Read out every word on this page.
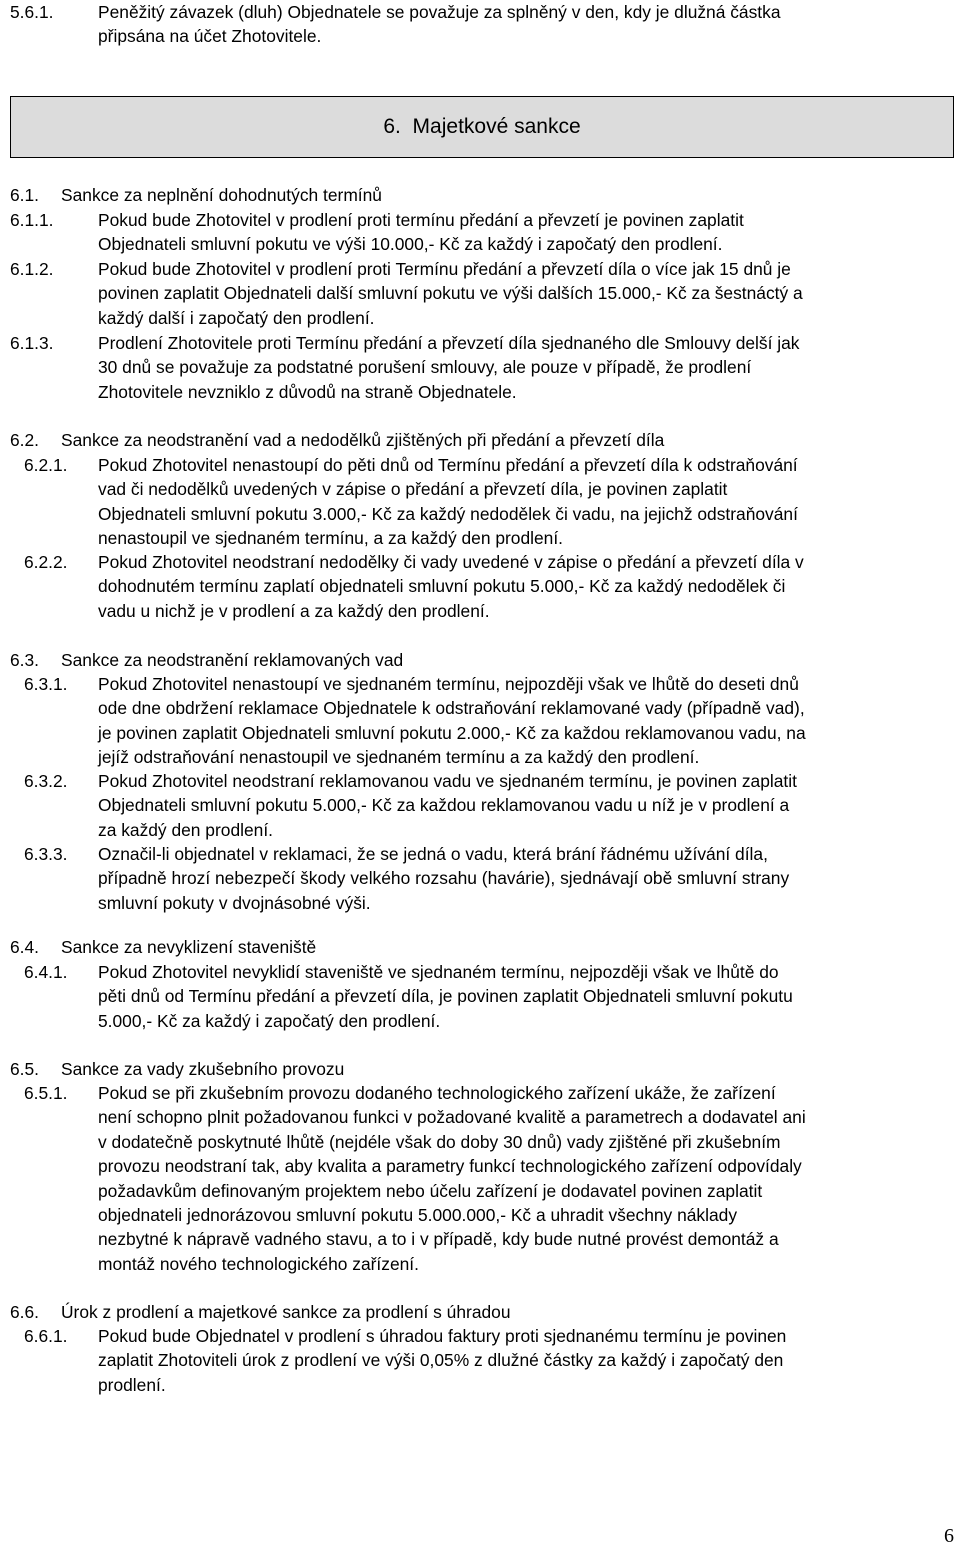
5.6.1.	Peněžitý závazek (dluh) Objednatele se považuje za splněný v den, kdy je dlužná částka
připsána na účet Zhotovitele.
6. Majetkové sankce
6.1. Sankce za neplnění dohodnutých termínů
6.1.1.	Pokud bude Zhotovitel v prodlení proti termínu předání a převzetí je povinen zaplatit
Objednateli smluvní pokutu ve výši 10.000,- Kč za každý i započatý den prodlení.
6.1.2.	Pokud bude Zhotovitel v prodlení proti Termínu předání a převzetí díla o více jak 15 dnů je
povinen zaplatit Objednateli další smluvní pokutu ve výši dalších 15.000,- Kč za šestnáctý a
každý další i započatý den prodlení.
6.1.3.	Prodlení Zhotovitele proti Termínu předání a převzetí díla sjednaného dle Smlouvy delší jak
30 dnů se považuje za podstatné porušení smlouvy, ale pouze v případě, že prodlení
Zhotovitele nevzniklo z důvodů na straně Objednatele.
6.2. Sankce za neodstranění vad a nedodělků zjištěných při předání a převzetí díla
6.2.1. Pokud Zhotovitel nenastoupí do pěti dnů od Termínu předání a převzetí díla k odstraňování
vad či nedodělků uvedených v zápise o předání a převzetí díla, je povinen zaplatit
Objednateli smluvní pokutu 3.000,- Kč za každý nedodělek či vadu, na jejichž odstraňování
nenastoupil ve sjednaném termínu, a za každý den prodlení.
6.2.2. Pokud Zhotovitel neodstraní nedodělky či vady uvedené v zápise o předání a převzetí díla v
dohodnutém termínu zaplatí objednateli smluvní pokutu 5.000,- Kč za každý nedodělek či
vadu u nichž je v prodlení a za každý den prodlení.
6.3. Sankce za neodstranění reklamovaných vad
6.3.1. Pokud Zhotovitel nenastoupí ve sjednaném termínu, nejpozději však ve lhůtě do deseti dnů
ode dne obdržení reklamace Objednatele k odstraňování reklamované vady (případně vad),
je povinen zaplatit Objednateli smluvní pokutu 2.000,- Kč za každou reklamovanou vadu, na
jejíž odstraňování nenastoupil ve sjednaném termínu a za každý den prodlení.
6.3.2. Pokud Zhotovitel neodstraní reklamovanou vadu ve sjednaném termínu, je povinen zaplatit
Objednateli smluvní pokutu 5.000,- Kč za každou reklamovanou vadu u níž je v prodlení a
za každý den prodlení.
6.3.3. Označil-li objednatel v reklamaci, že se jedná o vadu, která brání řádnému užívání díla,
případně hrozí nebezpečí škody velkého rozsahu (havárie), sjednávají obě smluvní strany
smluvní pokuty v dvojnásobné výši.
6.4. Sankce za nevyklizení staveniště
6.4.1. Pokud Zhotovitel nevyklidí staveniště ve sjednaném termínu, nejpozději však ve lhůtě do
pěti dnů od Termínu předání a převzetí díla, je povinen zaplatit Objednateli smluvní pokutu
5.000,- Kč za každý i započatý den prodlení.
6.5. Sankce za vady zkušebního provozu
6.5.1. Pokud se při zkušebním provozu dodaného technologického zařízení ukáže, že zařízení
není schopno plnit požadovanou funkci v požadované kvalitě a parametrech a dodavatel ani
v dodatečně poskytnuté lhůtě (nejdéle však do doby 30 dnů) vady zjištěné při zkušebním
provozu neodstraní tak, aby kvalita a parametry funkcí technologického zařízení odpovídaly
požadavkům definovaným projektem nebo účelu zařízení je dodavatel povinen zaplatit
objednateli jednorázovou smluvní pokutu 5.000.000,- Kč a uhradit všechny náklady
nezbytné k nápravě vadného stavu, a to i v případě, kdy bude nutné provést demontáž a
montáž nového technologického zařízení.
6.6. Úrok z prodlení a majetkové sankce za prodlení s úhradou
6.6.1. Pokud bude Objednatel v prodlení s úhradou faktury proti sjednanému termínu je povinen
zaplatit Zhotoviteli úrok z prodlení ve výši 0,05% z dlužné částky za každý i započatý den
prodlení.
6
